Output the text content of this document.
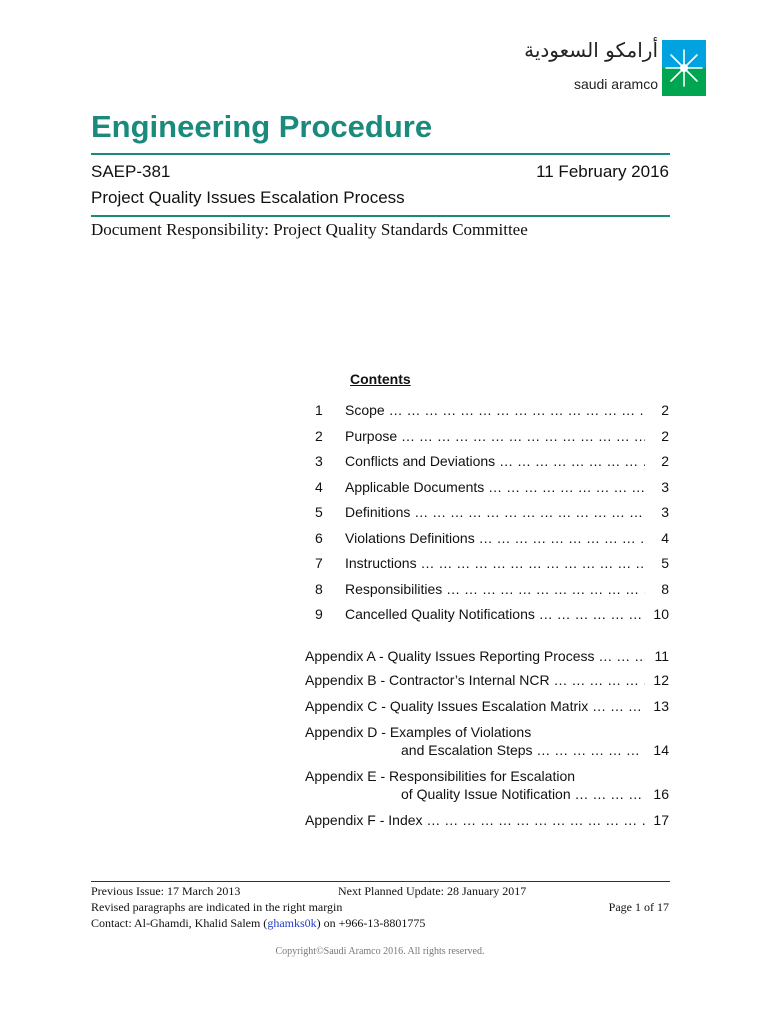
أرامكو السعودية
saudi aramco
Engineering Procedure
SAEP-381	11 February 2016
Project Quality Issues Escalation Process
Document Responsibility: Project Quality Standards Committee
Contents
1 Scope … … … … … … … … … … … … … … … … … … … … … … … … … … … … … … … … … … … …	2
2 Purpose … … … … … … … … … … … … … … … … … … … … … … … … … … … … … … … … … … … …	2
3 Conflicts and Deviations … … … … … … … … … … … … … … … … … … … … … … … … … … … … … … … … … … … …	2
4 Applicable Documents … … … … … … … … … … … … … … … … … … … … … … … … … … … … … … … … … … … …	3
5 Definitions … … … … … … … … … … … … … … … … … … … … … … … … … … … … … … … … … … … …	3
6 Violations Definitions … … … … … … … … … … … … … … … … … … … … … … … … … … … … … … … … … … … …	4
7 Instructions … … … … … … … … … … … … … … … … … … … … … … … … … … … … … … … … … … … …	5
8 Responsibilities … … … … … … … … … … … … … … … … … … … … … … … … … … … … … … … … … … … …	8
9 Cancelled Quality Notifications … … … … … … … … … … … … … … … … … … … … … … … … … … … … … … … … … … … …	10
Appendix A - Quality Issues Reporting Process … … … … … … … … … … … … … … … … … … … … … … … … … … … … … … … … … … … …	11
Appendix B - Contractor’s Internal NCR … … … … … … … … … … … … … … … … … … … … … … … … … … … … … … … … … … … …	12
Appendix C - Quality Issues Escalation Matrix … … … … … … … … … … … … … … … … … … … … … … … … … … … … … … … … … … … …	13
Appendix D - Examples of Violations
and Escalation Steps … … … … … … … … … … … … … … … … … … … … … … … … … … … … … … … … … … … …	14
Appendix E - Responsibilities for Escalation
of Quality Issue Notification … … … … … … … … … … … … … … … … … … … … … … … … … … … … … … … … … … … …	16
Appendix F - Index … … … … … … … … … … … … … … … … … … … … … … … … … … … … … … … … … … … …	17
Previous Issue: 17 March 2013	Next Planned Update: 28 January 2017
Revised paragraphs are indicated in the right margin	Page 1 of 17
Contact: Al-Ghamdi, Khalid Salem (ghamks0k) on +966-13-8801775
Copyright©Saudi Aramco 2016. All rights reserved.
